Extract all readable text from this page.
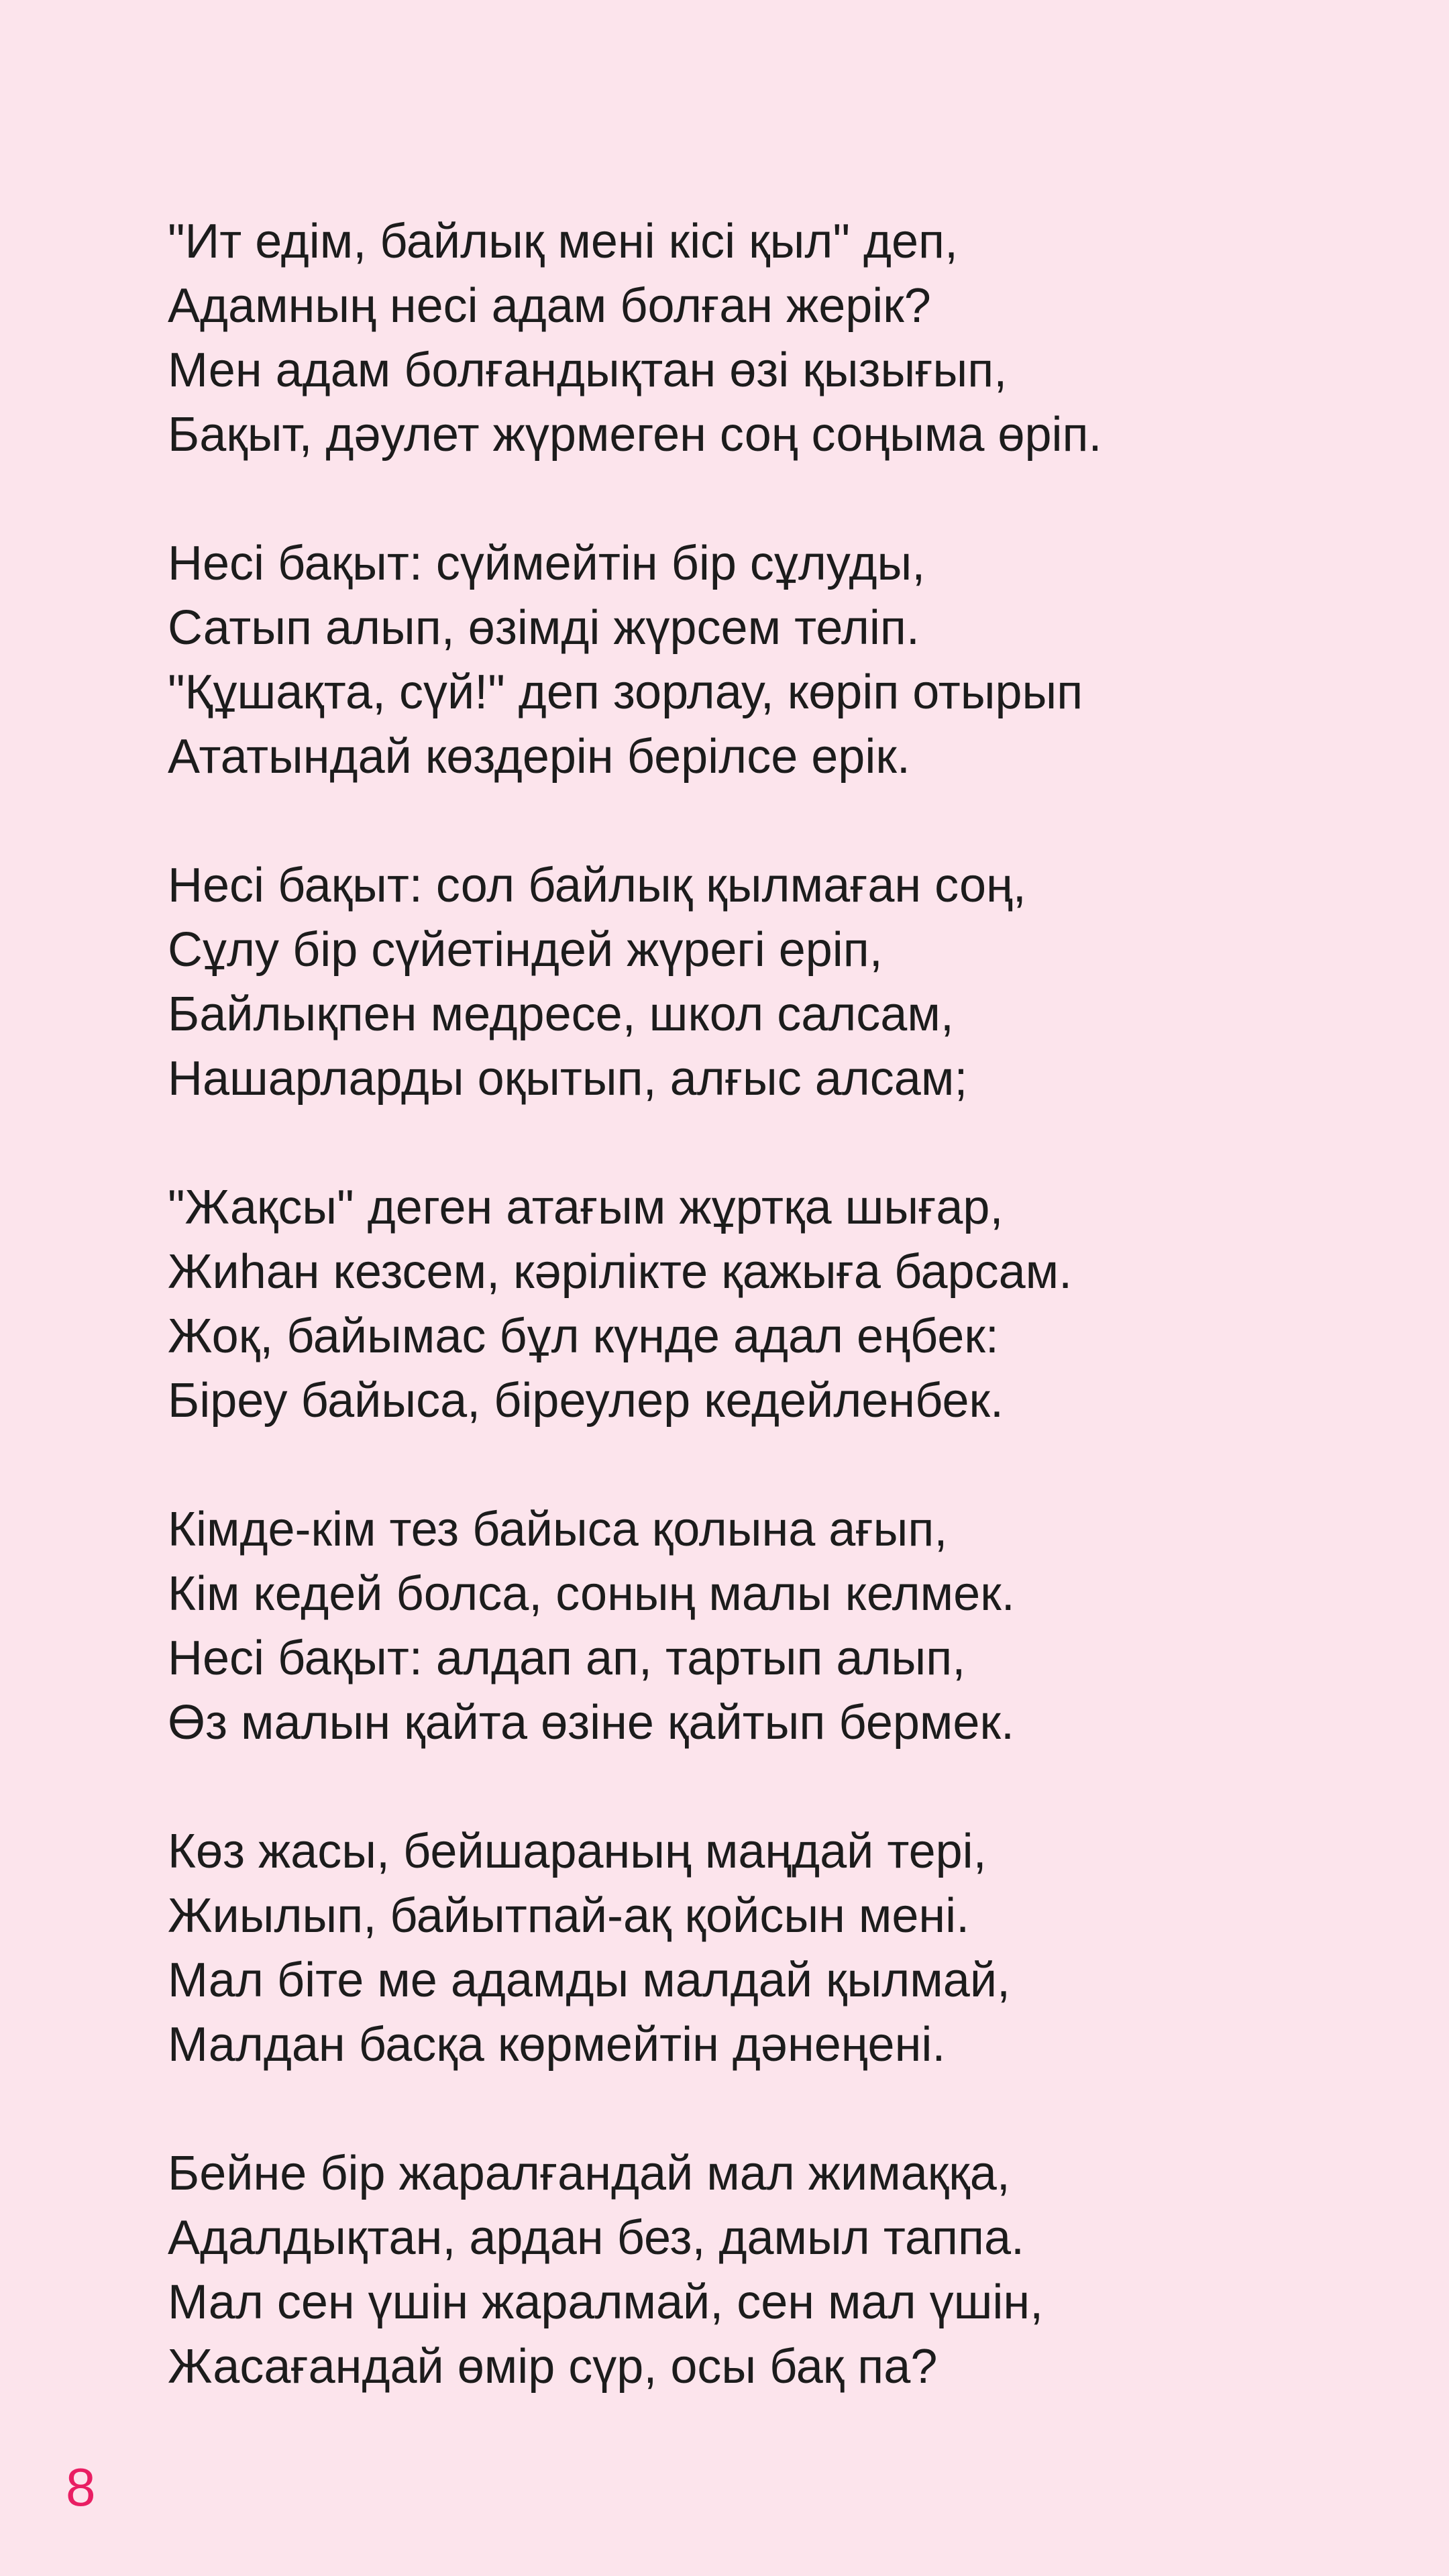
"Ит едім, байлық мені кісі қыл" деп,
Адамның несі адам болған жерік?
Мен адам болғандықтан өзі қызығып,
Бақыт, дәулет жүрмеген соң соңыма өріп.
Несі бақыт: сүймейтін бір сұлуды,
Сатып алып, өзімді жүрсем теліп.
"Құшақта, сүй!" деп зорлау, көріп отырып
Ататындай көздерін берілсе ерік.
Несі бақыт: сол байлық қылмаған соң,
Сұлу бір сүйетіндей жүрегі еріп,
Байлықпен медресе, школ салсам,
Нашарларды оқытып, алғыс алсам;
"Жақсы" деген атағым жұртқа шығар,
Жиһан кезсем, кәрілікте қажыға барсам.
Жоқ, байымас бұл күнде адал еңбек:
Біреу байыса, біреулер кедейленбек.
Кімде-кім тез байыса қолына ағып,
Кім кедей болса, соның малы келмек.
Несі бақыт: алдап ап, тартып алып,
Өз малын қайта өзіне қайтып бермек.
Көз жасы, бейшараның маңдай тері,
Жиылып, байытпай-ақ қойсын мені.
Мал біте ме адамды малдай қылмай,
Малдан басқа көрмейтін дәнеңені.
Бейне бір жаралғандай мал жимаққа,
Адалдықтан, ардан без, дамыл таппа.
Мал сен үшін жаралмай, сен мал үшін,
Жасағандай өмір сүр, осы бақ па?
8
